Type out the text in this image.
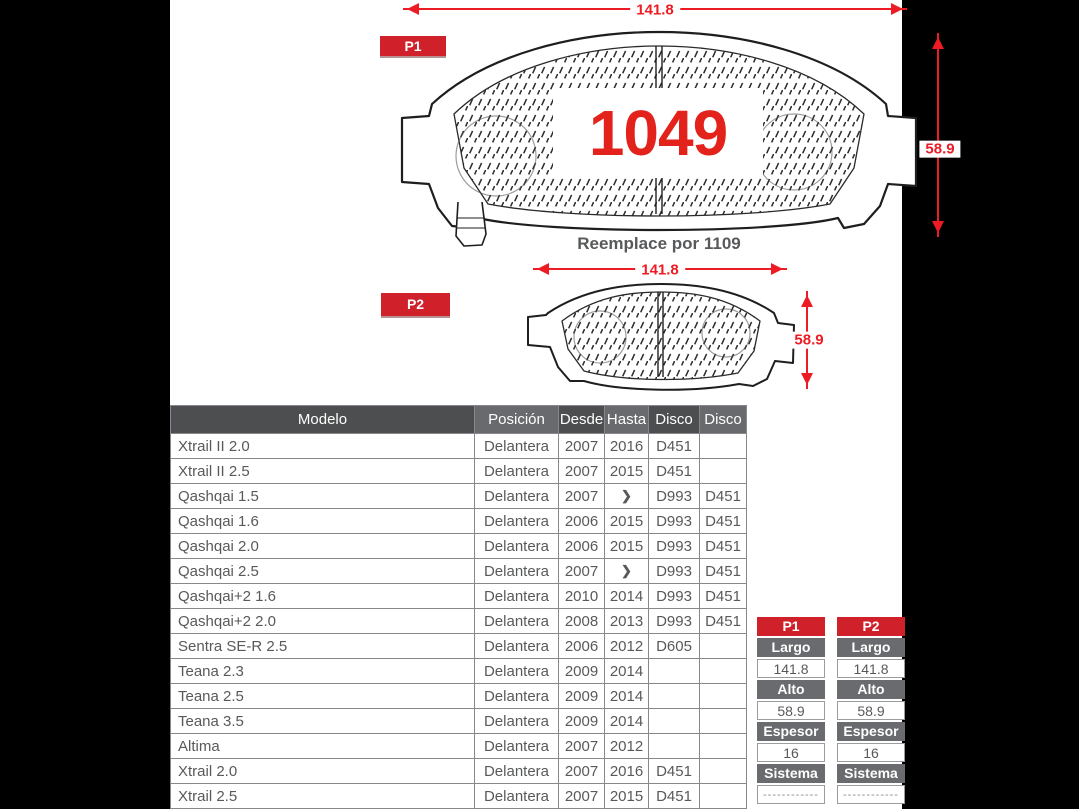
1049
Reemplace por 1109
141.8
58.9
P1
141.8
58.9
P2
Modelo	Posición	Desde	Hasta	Disco	Disco
Xtrail II 2.0	Delantera	2007	2016	D451	
Xtrail II 2.5	Delantera	2007	2015	D451	
Qashqai 1.5	Delantera	2007	❯	D993	D451
Qashqai 1.6	Delantera	2006	2015	D993	D451
Qashqai 2.0	Delantera	2006	2015	D993	D451
Qashqai 2.5	Delantera	2007	❯	D993	D451
Qashqai+2 1.6	Delantera	2010	2014	D993	D451
Qashqai+2 2.0	Delantera	2008	2013	D993	D451
Sentra SE-R 2.5	Delantera	2006	2012	D605	
Teana 2.3	Delantera	2009	2014		
Teana 2.5	Delantera	2009	2014		
Teana 3.5	Delantera	2009	2014		
Altima	Delantera	2007	2012		
Xtrail 2.0	Delantera	2007	2016	D451	
Xtrail 2.5	Delantera	2007	2015	D451	
P1
Largo
141.8
Alto
58.9
Espesor
16
Sistema
------------
P2
Largo
141.8
Alto
58.9
Espesor
16
Sistema
------------
